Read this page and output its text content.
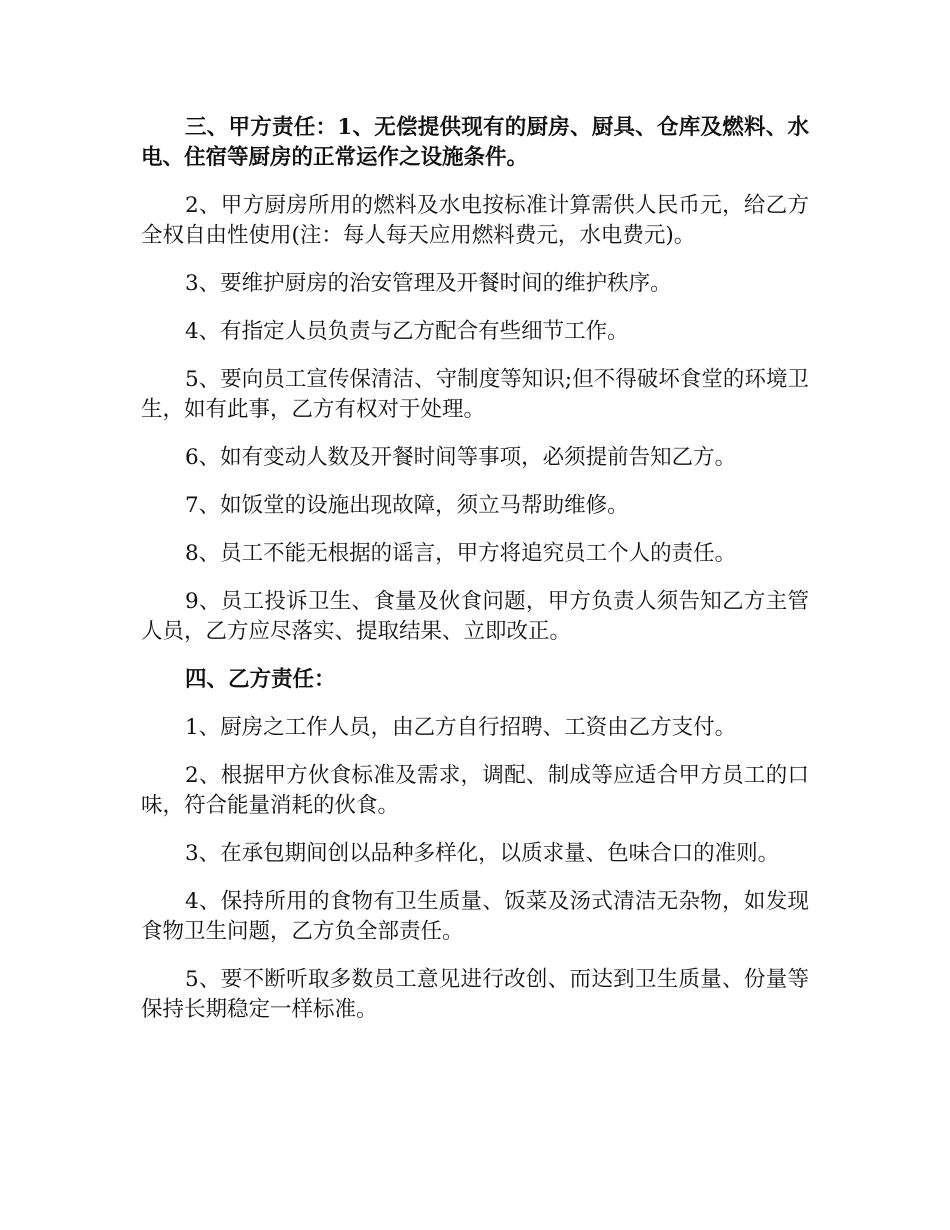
三、甲方责任：1、无偿提供现有的厨房、厨具、仓库及燃料、水电、住宿等厨房的正常运作之设施条件。

2、甲方厨房所用的燃料及水电按标准计算需供人民币元，给乙方全权自由性使用(注：每人每天应用燃料费元，水电费元)。

3、要维护厨房的治安管理及开餐时间的维护秩序。

4、有指定人员负责与乙方配合有些细节工作。

5、要向员工宣传保清洁、守制度等知识;但不得破坏食堂的环境卫生，如有此事，乙方有权对于处理。

6、如有变动人数及开餐时间等事项，必须提前告知乙方。

7、如饭堂的设施出现故障，须立马帮助维修。

8、员工不能无根据的谣言，甲方将追究员工个人的责任。

9、员工投诉卫生、食量及伙食问题，甲方负责人须告知乙方主管人员，乙方应尽落实、提取结果、立即改正。

四、乙方责任：

1、厨房之工作人员，由乙方自行招聘、工资由乙方支付。

2、根据甲方伙食标准及需求，调配、制成等应适合甲方员工的口味，符合能量消耗的伙食。

3、在承包期间创以品种多样化，以质求量、色味合口的准则。

4、保持所用的食物有卫生质量、饭菜及汤式清洁无杂物，如发现食物卫生问题，乙方负全部责任。

5、要不断听取多数员工意见进行改创、而达到卫生质量、份量等保持长期稳定一样标准。
